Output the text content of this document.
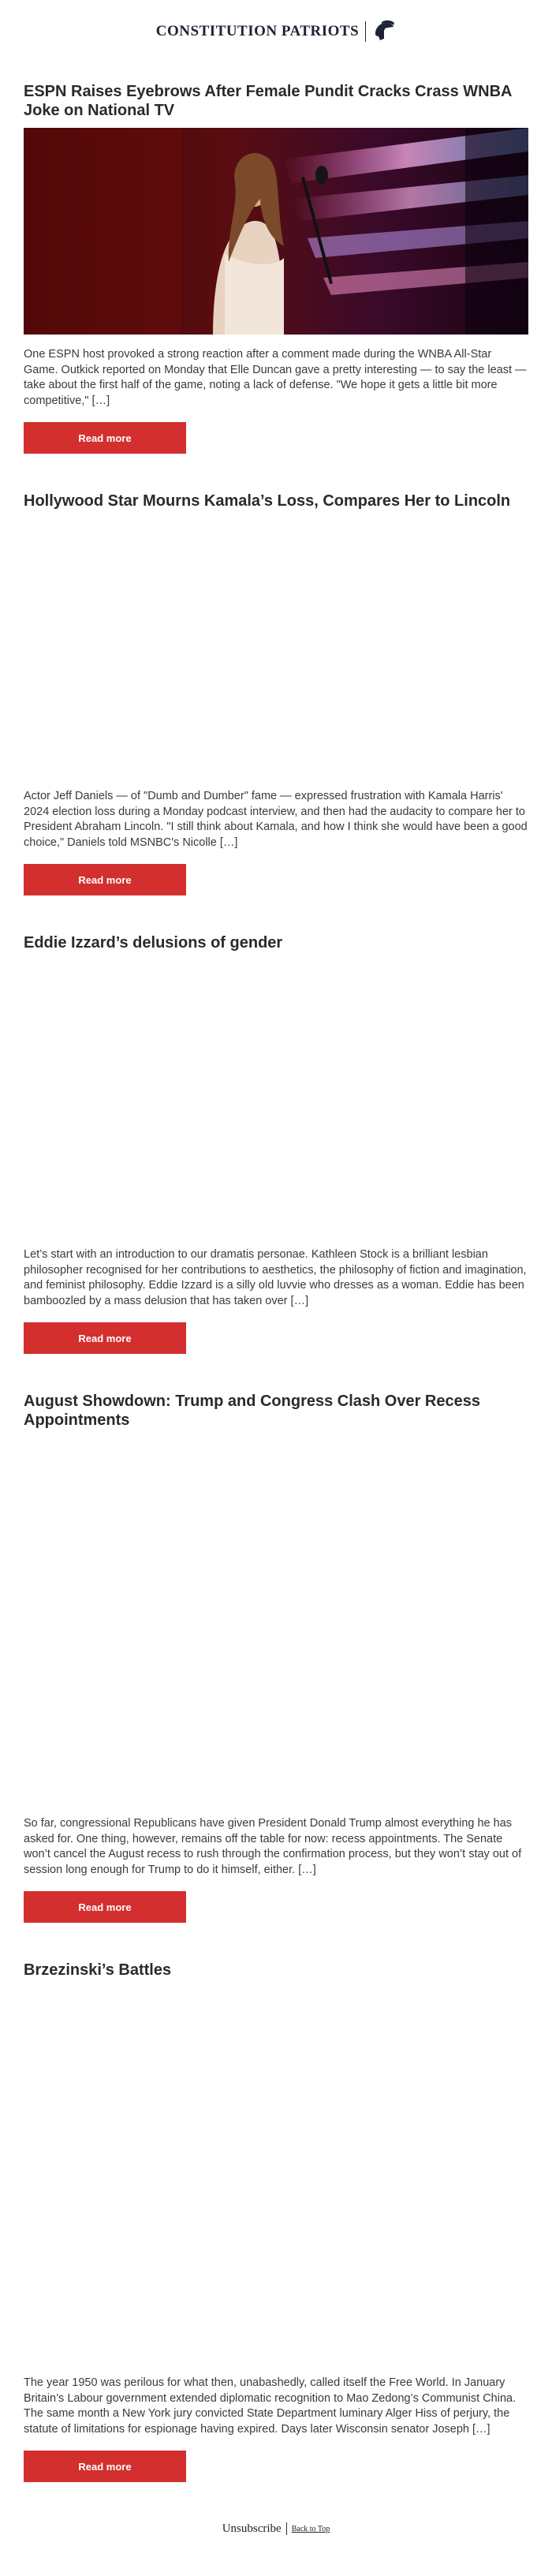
CONSTITUTION PATRIOTS
ESPN Raises Eyebrows After Female Pundit Cracks Crass WNBA Joke on National TV

One ESPN host provoked a strong reaction after a comment made during the WNBA All-Star Game. Outkick reported on Monday that Elle Duncan gave a pretty interesting — to say the least — take about the first half of the game, noting a lack of defense. "We hope it gets a little bit more competitive," […]

Read more
Hollywood Star Mourns Kamala’s Loss, Compares Her to Lincoln

Actor Jeff Daniels — of "Dumb and Dumber" fame — expressed frustration with Kamala Harris' 2024 election loss during a Monday podcast interview, and then had the audacity to compare her to President Abraham Lincoln. "I still think about Kamala, and how I think she would have been a good choice," Daniels told MSNBC's Nicolle […]

Read more
Eddie Izzard’s delusions of gender

Let’s start with an introduction to our dramatis personae. Kathleen Stock is a brilliant lesbian philosopher recognised for her contributions to aesthetics, the philosophy of fiction and imagination, and feminist philosophy. Eddie Izzard is a silly old luvvie who dresses as a woman. Eddie has been bamboozled by a mass delusion that has taken over […]

Read more
August Showdown: Trump and Congress Clash Over Recess Appointments

So far, congressional Republicans have given President Donald Trump almost everything he has asked for. One thing, however, remains off the table for now: recess appointments. The Senate won’t cancel the August recess to rush through the confirmation process, but they won’t stay out of session long enough for Trump to do it himself, either. […]

Read more
Brzezinski’s Battles

The year 1950 was perilous for what then, unabashedly, called itself the Free World. In January Britain’s Labour government extended diplomatic recognition to Mao Zedong’s Communist China. The same month a New York jury convicted State Department luminary Alger Hiss of perjury, the statute of limitations for espionage having expired. Days later Wisconsin senator Joseph […]

Read more
Unsubscribe Back to Top
